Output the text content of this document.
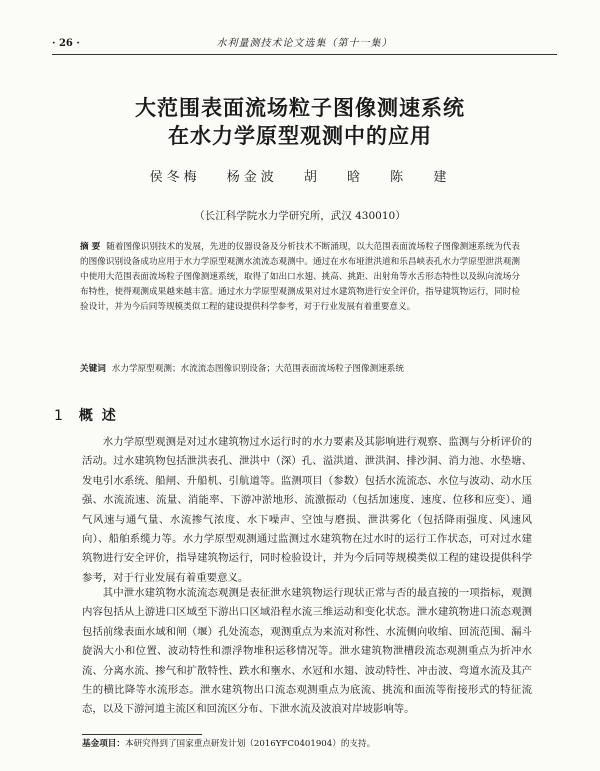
· 26 ·	水利量测技术论文选集（第十一集）
大范围表面流场粒子图像测速系统
在水力学原型观测中的应用
侯冬梅 杨金波 胡 晗 陈 建
（长江科学院水力学研究所，武汉 430010）
摘 要 随着图像识别技术的发展，先进的仪器设备及分析技术不断涌现，以大范围表面流场粒子图像测速系统为代表的图像识别设备成功应用于水力学原型观测水流流态观测中。通过在水布垭泄洪道和乐昌峡表孔水力学原型泄洪观测中使用大范围表面流场粒子图像测速系统，取得了如出口水翅、挑高、挑距、出射角等水舌形态特性以及纵向流场分布特性，使得观测成果越来越丰富。通过水力学原型观测成果对过水建筑物进行安全评价，指导建筑物运行，同时检验设计，并为今后同等规模类似工程的建设提供科学参考，对于行业发展有着重要意义。
关键词 水力学原型观测；水流流态图像识别设备；大范围表面流场粒子图像测速系统
1 概 述
水力学原型观测是对过水建筑物过水运行时的水力要素及其影响进行观察、监测与分析评价的活动。过水建筑物包括泄洪表孔、泄洪中（深）孔、溢洪道、泄洪洞、排沙洞、消力池、水垫塘、发电引水系统、船闸、升船机、引航道等。监测项目（参数）包括水流流态、水位与波动、动水压强、水流流速、流量、消能率、下游冲淤地形、流激振动（包括加速度、速度、位移和应变）、通气风速与通气量、水流掺气浓度、水下噪声、空蚀与磨损、泄洪雾化（包括降雨强度、风速风向）、船舶系缆力等。水力学原型观测通过监测过水建筑物在过水时的运行工作状态，可对过水建筑物进行安全评价，指导建筑物运行，同时检验设计，并为今后同等规模类似工程的建设提供科学参考，对于行业发展有着重要意义。
其中泄水建筑物水流流态观测是表征泄水建筑物运行现状正常与否的最直接的一项指标，观测内容包括从上游进口区域至下游出口区域沿程水流三维运动和变化状态。泄水建筑物进口流态观测包括前缘表面水域和闸（堰）孔处流态，观测重点为来流对称性、水流侧向收缩、回流范围、漏斗旋涡大小和位置、波动特性和漂浮物堆积运移情况等。泄水建筑物泄槽段流态观测重点为折冲水流、分离水流、掺气和扩散特性、跌水和壅水、水冠和水翅、波动特性、冲击波、弯道水流及其产生的横比降等水流形态。泄水建筑物出口流态观测重点为底流、挑流和面流等衔接形式的特征流态，以及下游河道主流区和回流区分布、下泄水流及波浪对岸坡影响等。
基金项目：本研究得到了国家重点研发计划（2016YFC0401904）的支持。
